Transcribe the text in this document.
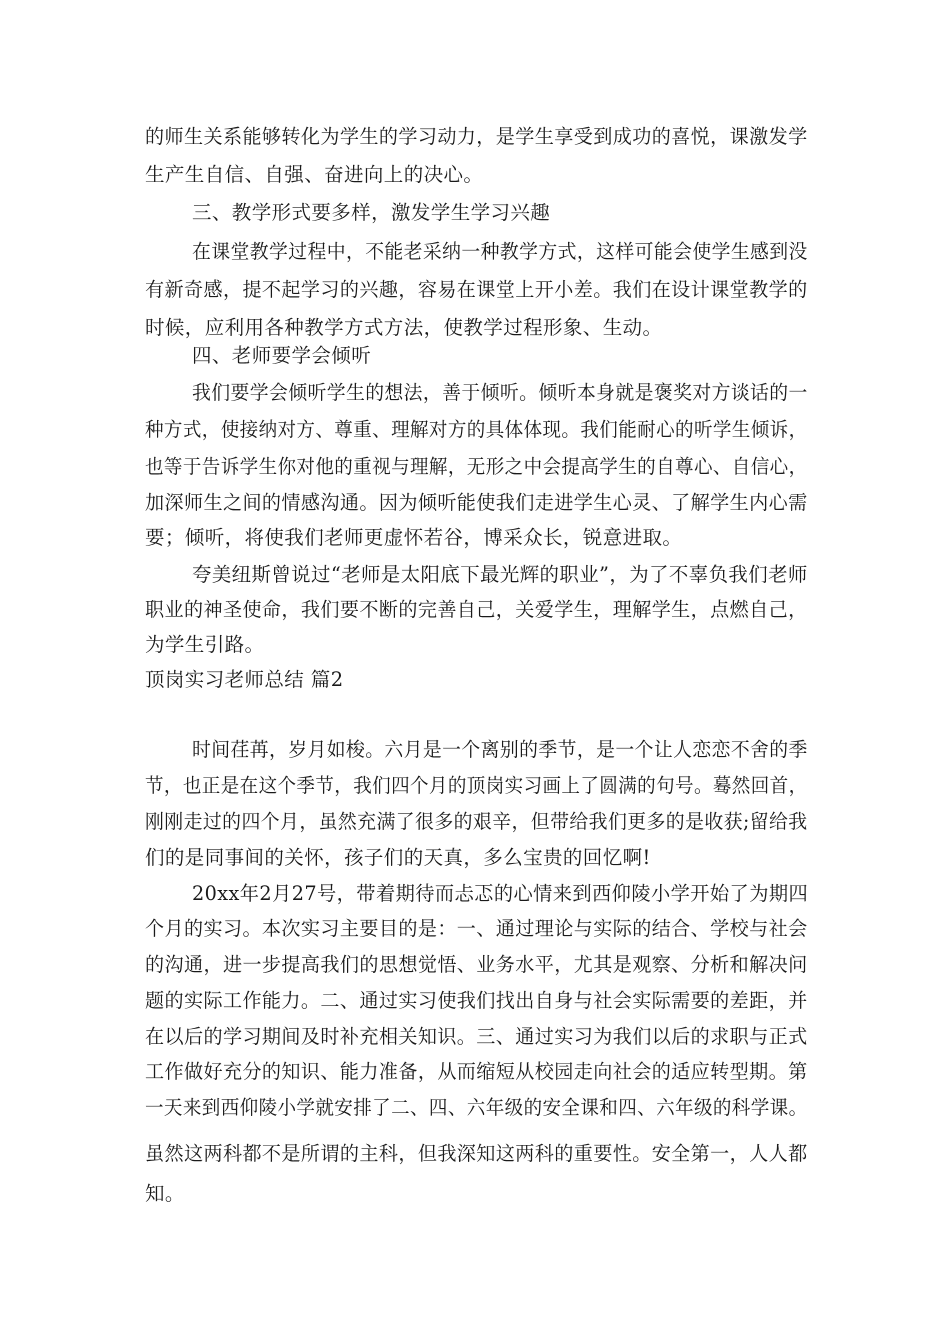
的师生关系能够转化为学生的学习动力，是学生享受到成功的喜悦，课激发学
生产生自信、自强、奋进向上的决心。
三、教学形式要多样，激发学生学习兴趣
在课堂教学过程中，不能老采纳一种教学方式，这样可能会使学生感到没
有新奇感，提不起学习的兴趣，容易在课堂上开小差。我们在设计课堂教学的
时候，应利用各种教学方式方法，使教学过程形象、生动。
四、老师要学会倾听
我们要学会倾听学生的想法，善于倾听。倾听本身就是褒奖对方谈话的一
种方式，使接纳对方、尊重、理解对方的具体体现。我们能耐心的听学生倾诉，
也等于告诉学生你对他的重视与理解，无形之中会提高学生的自尊心、自信心，
加深师生之间的情感沟通。因为倾听能使我们走进学生心灵、了解学生内心需
要；倾听，将使我们老师更虚怀若谷，博采众长，锐意进取。
夸美纽斯曾说过“老师是太阳底下最光辉的职业”，为了不辜负我们老师
职业的神圣使命，我们要不断的完善自己，关爱学生，理解学生，点燃自己，
为学生引路。
顶岗实习老师总结 篇2
时间荏苒，岁月如梭。六月是一个离别的季节，是一个让人恋恋不舍的季
节，也正是在这个季节，我们四个月的顶岗实习画上了圆满的句号。蓦然回首，
刚刚走过的四个月，虽然充满了很多的艰辛，但带给我们更多的是收获;留给我
们的是同事间的关怀，孩子们的天真，多么宝贵的回忆啊!
20xx年2月27号，带着期待而忐忑的心情来到西仰陵小学开始了为期四
个月的实习。本次实习主要目的是：一、通过理论与实际的结合、学校与社会
的沟通，进一步提高我们的思想觉悟、业务水平，尤其是观察、分析和解决问
题的实际工作能力。二、通过实习使我们找出自身与社会实际需要的差距，并
在以后的学习期间及时补充相关知识。三、通过实习为我们以后的求职与正式
工作做好充分的知识、能力准备，从而缩短从校园走向社会的适应转型期。第
一天来到西仰陵小学就安排了二、四、六年级的安全课和四、六年级的科学课。
虽然这两科都不是所谓的主科，但我深知这两科的重要性。安全第一，人人都
知。
